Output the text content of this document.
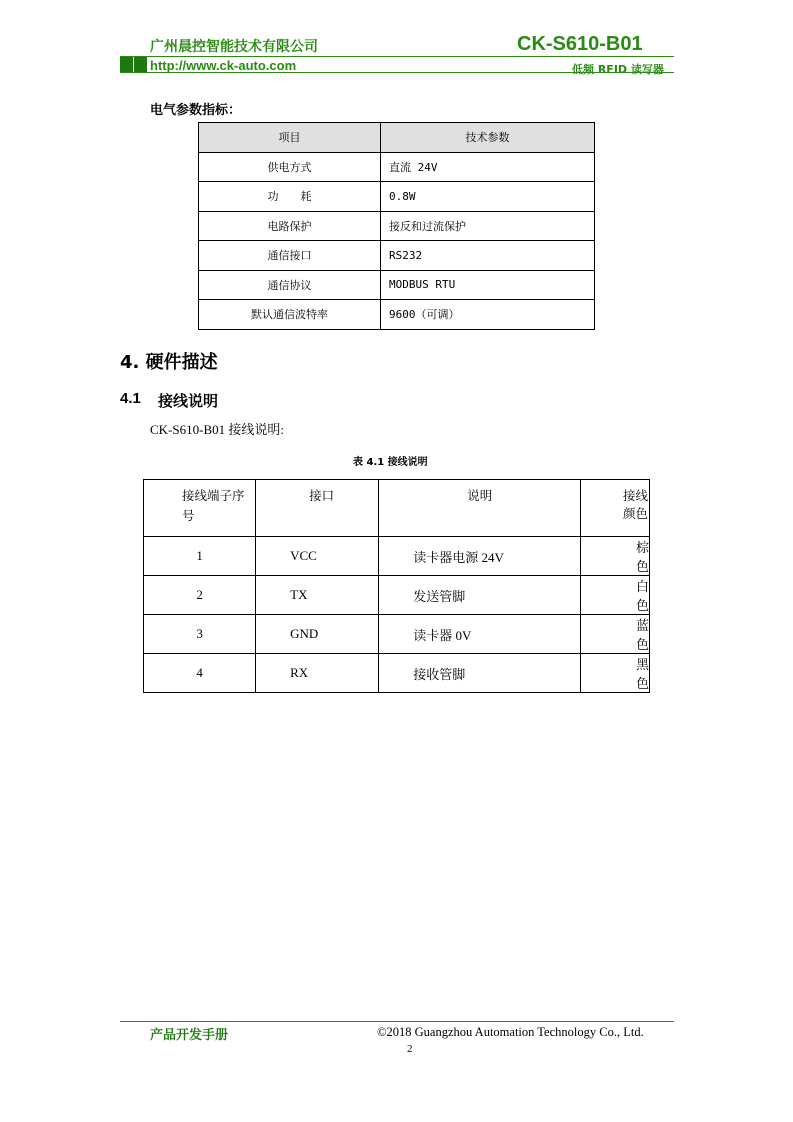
广州晨控智能技术有限公司	CK-S610-B01
http://www.ck-auto.com	低频 RFID 读写器
电气参数指标：
项目	技术参数
供电方式	直流 24V
功　　耗	0.8W
电路保护	接反和过流保护
通信接口	RS232
通信协议	MODBUS RTU
默认通信波特率	9600（可调）
4. 硬件描述
4.1 接线说明
CK-S610-B01 接线说明:
表 4.1 接线说明
接线端子序号	接口	说明	接线颜色
1	VCC	读卡器电源 24V	棕色
2	TX	发送管脚	白色
3	GND	读卡器 0V	蓝色
4	RX	接收管脚	黑色
产品开发手册	©2018 Guangzhou Automation Technology Co., Ltd.
2
